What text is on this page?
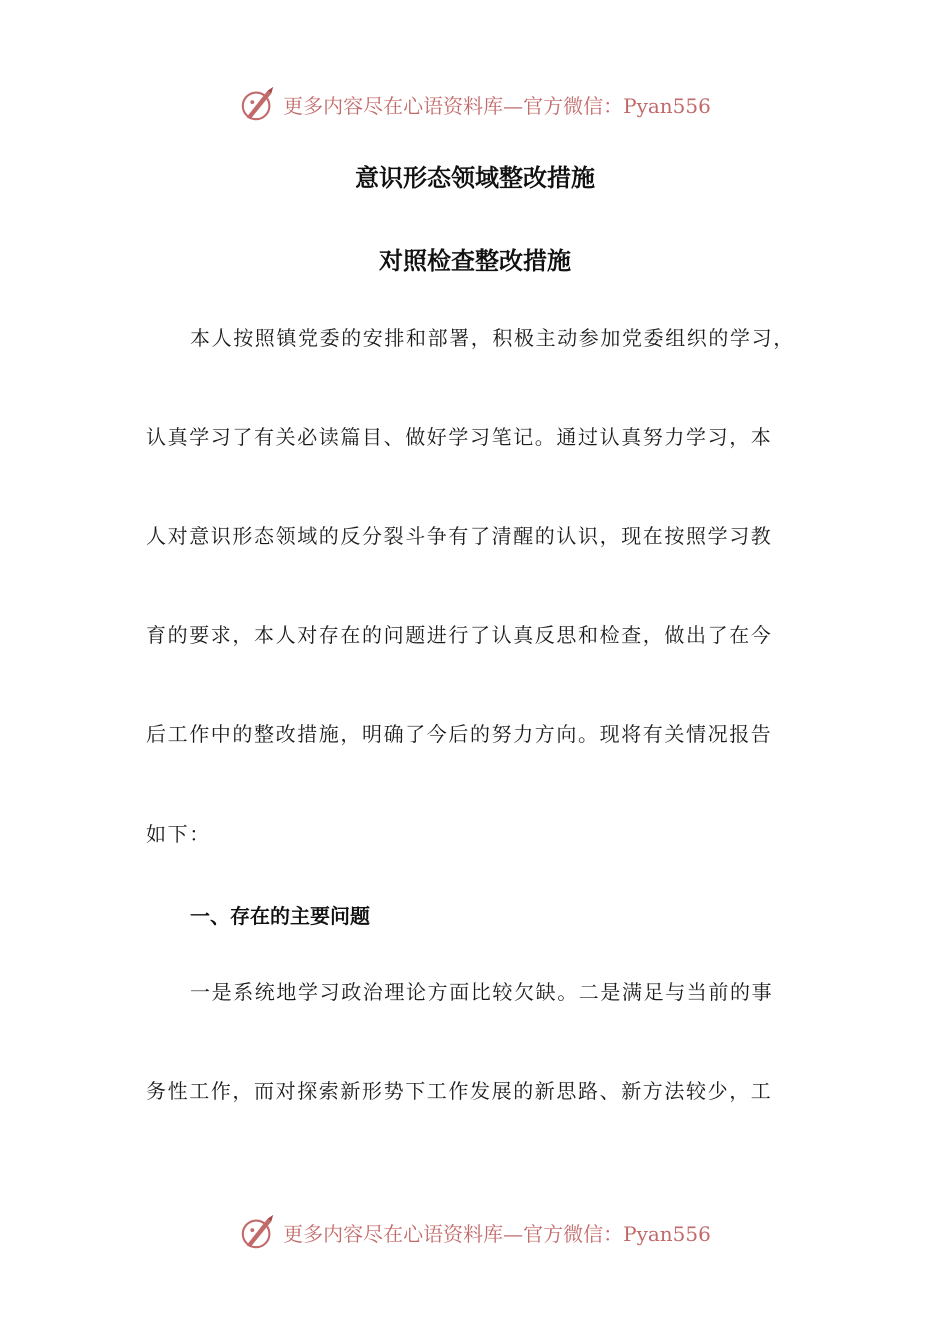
更多内容尽在心语资料库—官方微信：Pyan556
意识形态领域整改措施
对照检查整改措施
本人按照镇党委的安排和部署，积极主动参加党委组织的学习，
认真学习了有关必读篇目、做好学习笔记。通过认真努力学习，本
人对意识形态领域的反分裂斗争有了清醒的认识，现在按照学习教
育的要求，本人对存在的问题进行了认真反思和检查，做出了在今
后工作中的整改措施，明确了今后的努力方向。现将有关情况报告
如下：
一、存在的主要问题
一是系统地学习政治理论方面比较欠缺。二是满足与当前的事
务性工作，而对探索新形势下工作发展的新思路、新方法较少，工
更多内容尽在心语资料库—官方微信：Pyan556
